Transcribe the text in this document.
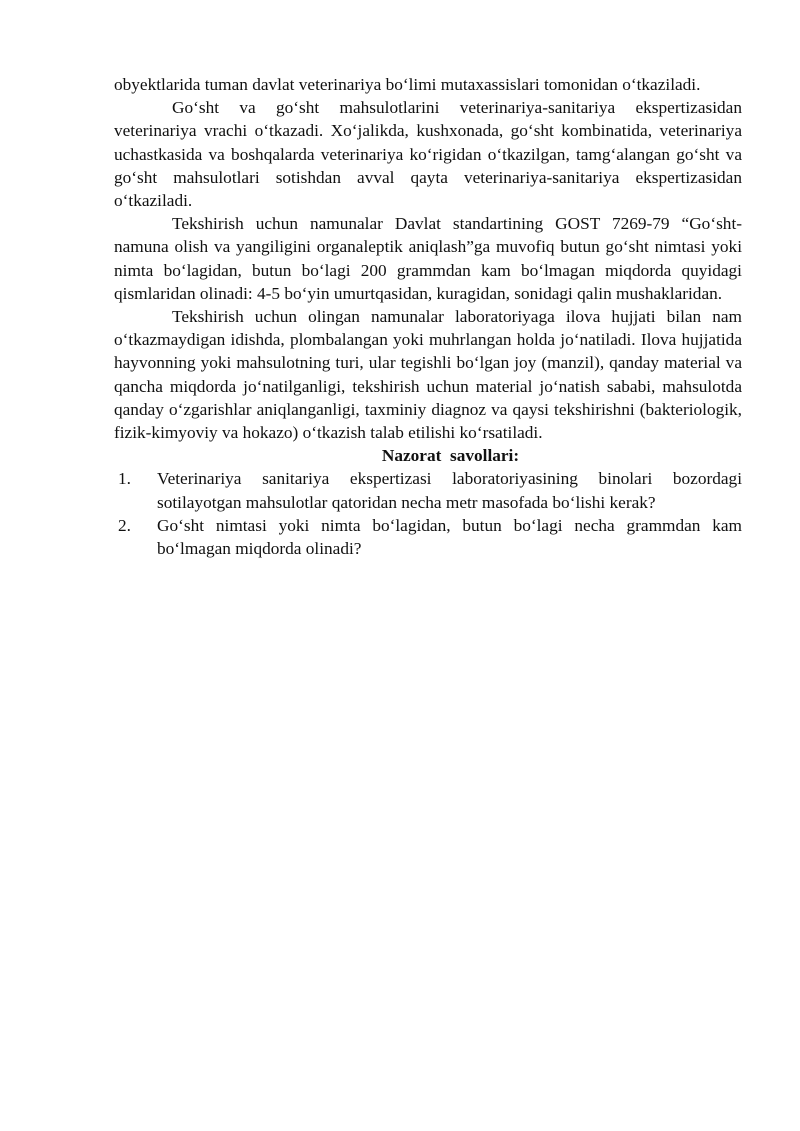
obyektlarida tuman davlat veterinariya bo‘limi mutaxassislari tomonidan o‘tkaziladi.

Go‘sht va go‘sht mahsulotlarini veterinariya-sanitariya ekspertizasidan veterinariya vrachi o‘tkazadi. Xo‘jalikda, kushxonada, go‘sht kombinatida, veterinariya uchastkasida va boshqalarda veterinariya ko‘rigidan o‘tkazilgan, tamg‘alangan go‘sht va go‘sht mahsulotlari sotishdan avval qayta veterinariya-sanitariya ekspertizasidan o‘tkaziladi.

Tekshirish uchun namunalar Davlat standartining GOST 7269-79 “Go‘sht-namuna olish va yangiligini organaleptik aniqlash”ga muvofiq butun go‘sht nimtasi yoki nimta bo‘lagidan, butun bo‘lagi 200 grammdan kam bo‘lmagan miqdorda quyidagi qismlaridan olinadi: 4-5 bo‘yin umurtqasidan, kuragidan, sonidagi qalin mushaklaridan.

Tekshirish uchun olingan namunalar laboratoriyaga ilova hujjati bilan nam o‘tkazmaydigan idishda, plombalangan yoki muhrlangan holda jo‘natiladi. Ilova hujjatida hayvonning yoki mahsulotning turi, ular tegishli bo‘lgan joy (manzil), qanday material va qancha miqdorda jo‘natilganligi, tekshirish uchun material jo‘natish sababi, mahsulotda qanday o‘zgarishlar aniqlanganligi, taxminiy diagnoz va qaysi tekshirishni (bakteriologik, fizik-kimyoviy va hokazo) o‘tkazish talab etilishi ko‘rsatiladi.

Nazorat  savollari:

1. Veterinariya sanitariya ekspertizasi laboratoriyasining binolari bozordagi sotilayotgan mahsulotlar qatoridan necha metr masofada bo‘lishi kerak?
2. Go‘sht nimtasi yoki nimta bo‘lagidan, butun bo‘lagi necha grammdan kam bo‘lmagan miqdorda olinadi?
